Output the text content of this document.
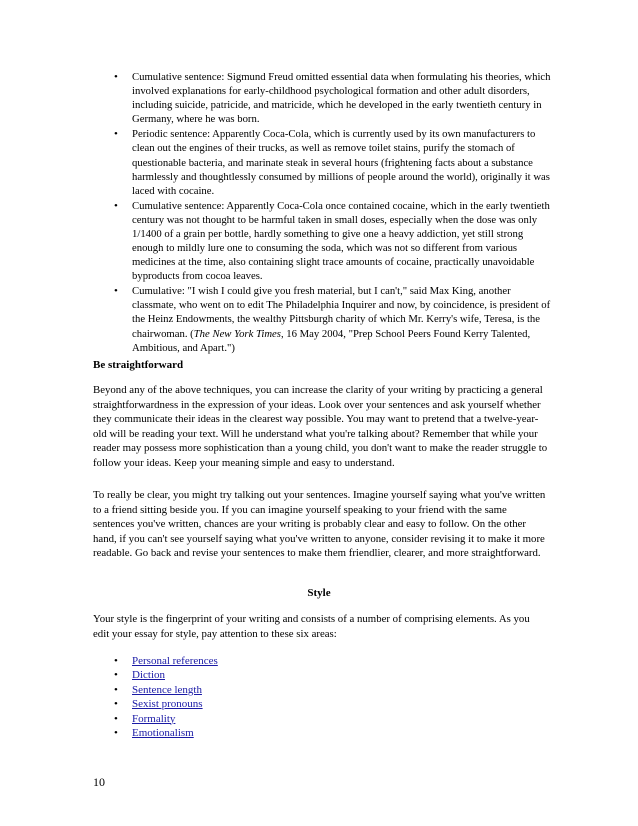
• Cumulative sentence: Sigmund Freud omitted essential data when formulating his theories, which involved explanations for early-childhood psychological formation and other adult disorders, including suicide, patricide, and matricide, which he developed in the early twentieth century in Germany, where he was born.
• Periodic sentence: Apparently Coca-Cola, which is currently used by its own manufacturers to clean out the engines of their trucks, as well as remove toilet stains, purify the stomach of questionable bacteria, and marinate steak in several hours (frightening facts about a substance harmlessly and thoughtlessly consumed by millions of people around the world), originally it was laced with cocaine.
• Cumulative sentence: Apparently Coca-Cola once contained cocaine, which in the early twentieth century was not thought to be harmful taken in small doses, especially when the dose was only 1/1400 of a grain per bottle, hardly something to give one a heavy addiction, yet still strong enough to mildly lure one to consuming the soda, which was not so different from various medicines at the time, also containing slight trace amounts of cocaine, practically unavoidable byproducts from cocoa leaves.
• Cumulative: "I wish I could give you fresh material, but I can't," said Max King, another classmate, who went on to edit The Philadelphia Inquirer and now, by coincidence, is president of the Heinz Endowments, the wealthy Pittsburgh charity of which Mr. Kerry's wife, Teresa, is the chairwoman. (The New York Times, 16 May 2004, "Prep School Peers Found Kerry Talented, Ambitious, and Apart.")
Be straightforward

Beyond any of the above techniques, you can increase the clarity of your writing by practicing a general straightforwardness in the expression of your ideas. Look over your sentences and ask yourself whether they communicate their ideas in the clearest way possible. You may want to pretend that a twelve-year-old will be reading your text. Will he understand what you're talking about? Remember that while your reader may possess more sophistication than a young child, you don't want to make the reader struggle to follow your ideas. Keep your meaning simple and easy to understand.

To really be clear, you might try talking out your sentences. Imagine yourself saying what you've written to a friend sitting beside you. If you can imagine yourself speaking to your friend with the same sentences you've written, chances are your writing is probably clear and easy to follow. On the other hand, if you can't see yourself saying what you've written to anyone, consider revising it to make it more readable. Go back and revise your sentences to make them friendlier, clearer, and more straightforward.

Style

Your style is the fingerprint of your writing and consists of a number of comprising elements. As you edit your essay for style, pay attention to these six areas:

• Personal references
• Diction
• Sentence length
• Sexist pronouns
• Formality
• Emotionalism
10
